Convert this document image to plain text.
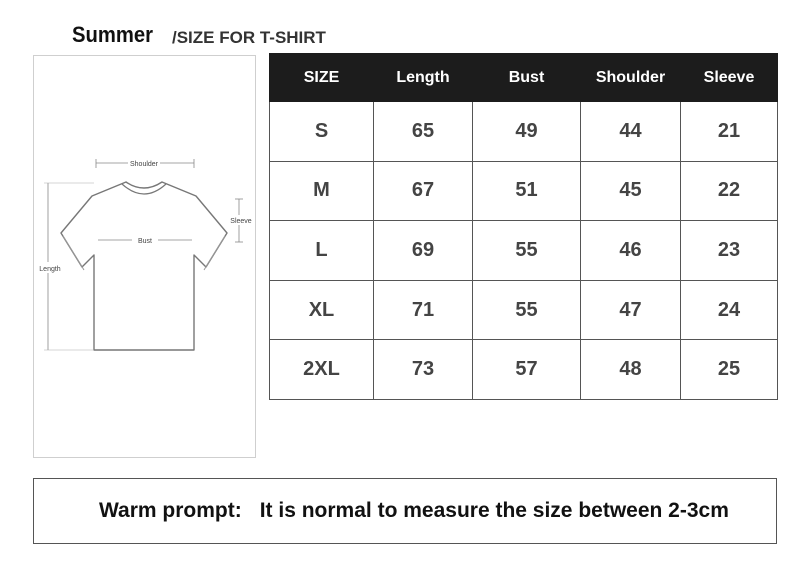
Summer /SIZE FOR T-SHIRT
Shoulder
Bust
Sleeve
Length
SIZE	Length	Bust	Shoulder	Sleeve
S	65	49	44	21
M	67	51	45	22
L	69	55	46	23
XL	71	55	47	24
2XL	73	57	48	25
Warm prompt: It is normal to measure the size between 2-3cm
